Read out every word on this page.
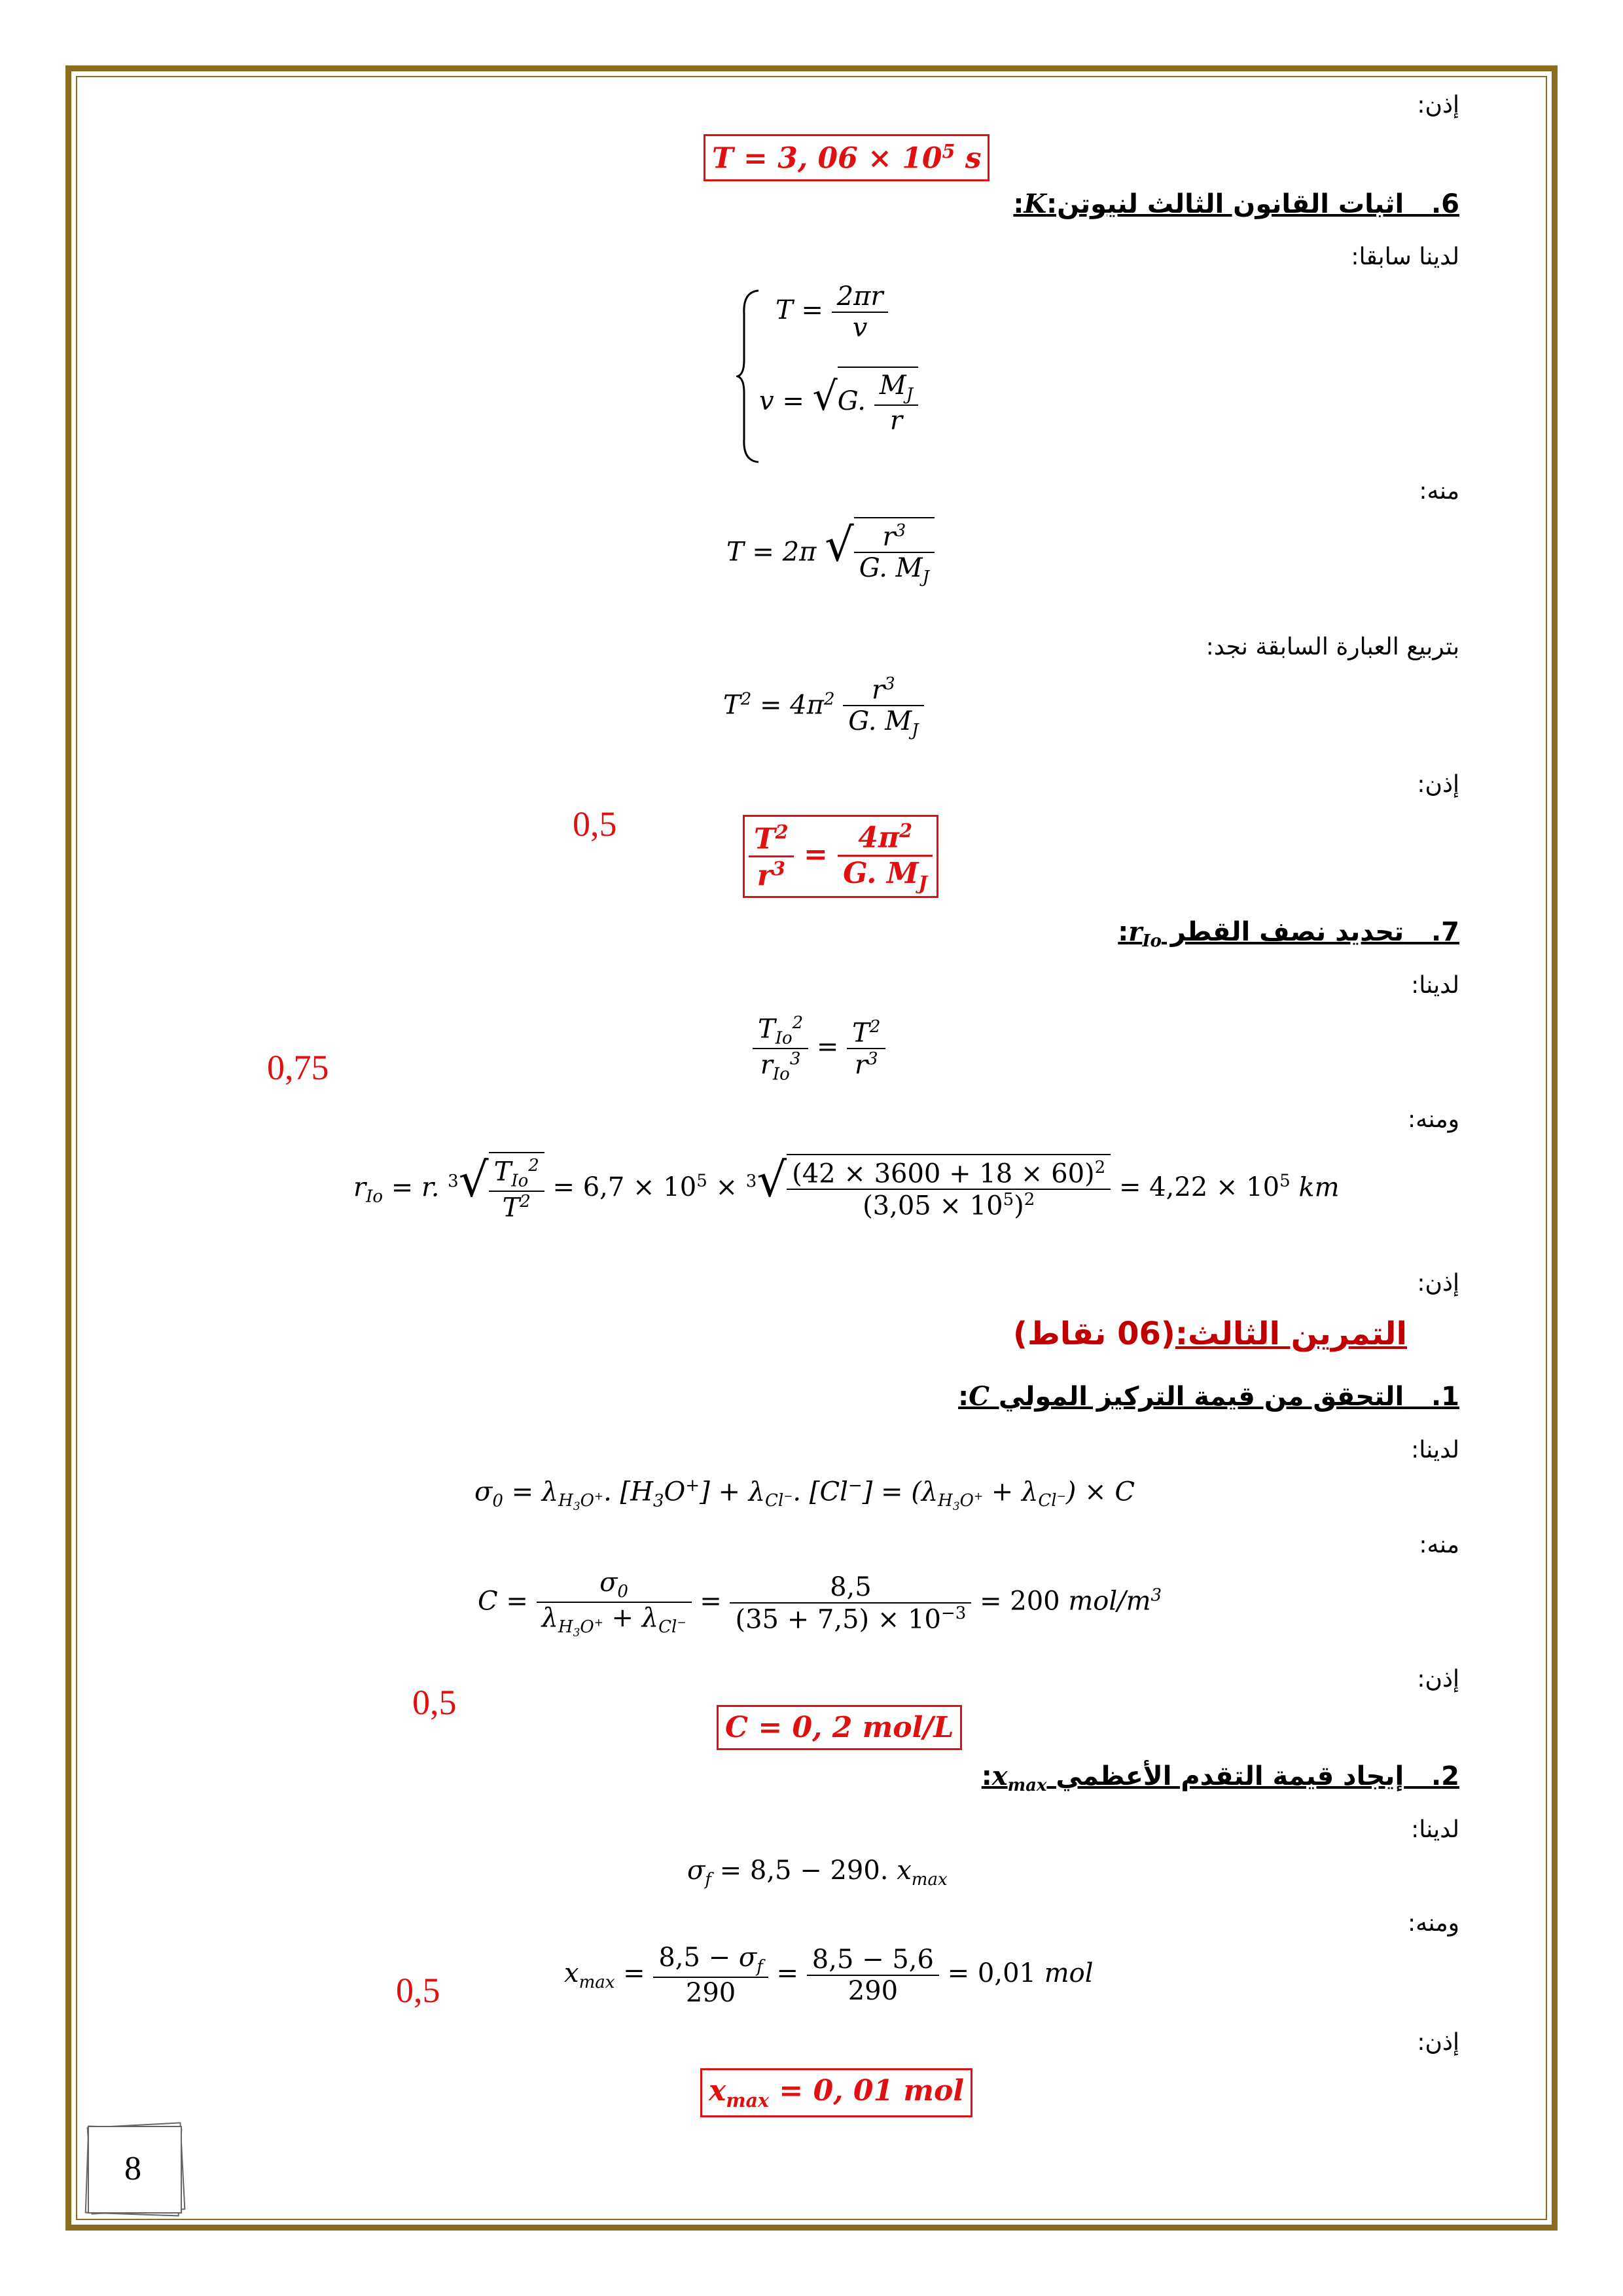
إذن:
T = 3, $06 \times 10^5$ s
6.   اثبات القانون الثالث لنيوتن:K:
لدينا سابقا:
$T = \frac{2\pi r}{v}$
v = √G. $\frac{M_J}{r}$
منه:
T = 2π √ $\frac{r^3}{G. M_J}$
بتربيع العبارة السابقة نجد:
$T^2 = 4\pi^2 \frac{r^3}{G. M_J}$
إذن:
0,5	$\frac{T^2}{r^3} = \frac{4\pi^2}{G. M_J}$
7.   تحديد نصف القطر $r_{Io}$:
لدينا:
0,75	$\frac{T_{Io}^2}{r_{Io}^3} = \frac{T^2}{r^3}$
ومنه:
$r_{Io} = r$. $^3√ \frac{T_{Io}^2}{T^2} = 6,7 \times 10^5 \times ^3√ \frac{(42 \times 3600 + 18 \times 60)^2}{(3,05 \times 10^5)^2} = 4,22 \times 10^5$ km
إذن:
التمرين الثالث:(06 نقاط)
1.   التحقق من قيمة التركيز المولي C:
لدينا:
$\sigma_0 = \lambda_{H_3O^+}$. $[H_3O^+] + \lambda_{Cl^-}$. $[Cl^-] = (\lambda_{H_3O^+} + \lambda_{Cl^-}) \times C$
منه:
$C = \frac{\sigma_0}{\lambda_{H_3O^+} + \lambda_{Cl^-}} = \frac{8,5}{(35 + 7,5) \times 10^{-3}} = 200$ mol/$m^3$
إذن:
0,5
C = 0, 2 mol/L
2.   إيجاد قيمة التقدم الأعظمي $x_{max}$:
لدينا:
$\sigma_f = 8,5 - 290$. $x_{max}$
ومنه:
0,5	$x_{max} = \frac{8,5 - \sigma_f}{290} = \frac{8,5 - 5,6}{290} = 0,01$ mol
إذن:
$x_{max} = 0$, 01 mol
8
